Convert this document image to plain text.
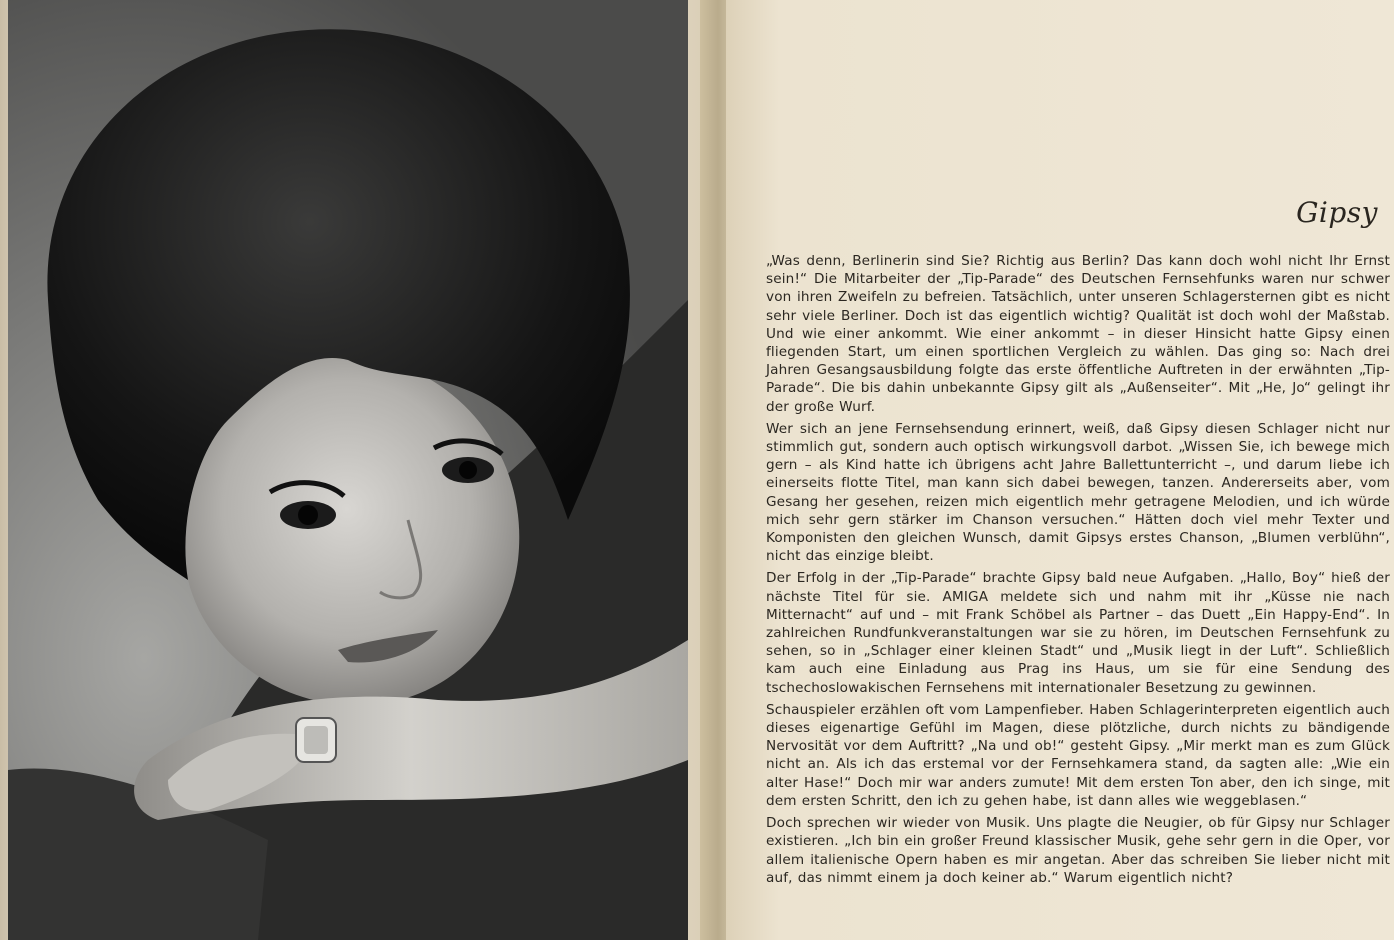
Gipsy

„Was denn, Berlinerin sind Sie? Richtig aus Berlin? Das kann doch wohl nicht Ihr Ernst sein!“ Die Mitarbeiter der „Tip-Parade“ des Deutschen Fernsehfunks waren nur schwer von ihren Zweifeln zu befreien. Tatsächlich, unter unseren Schlagersternen gibt es nicht sehr viele Berliner. Doch ist das eigentlich wichtig? Qualität ist doch wohl der Maßstab. Und wie einer ankommt. Wie einer ankommt – in dieser Hinsicht hatte Gipsy einen fliegenden Start, um einen sportlichen Vergleich zu wählen. Das ging so: Nach drei Jahren Gesangsausbildung folgte das erste öffentliche Auftreten in der erwähnten „Tip-Parade“. Die bis dahin unbekannte Gipsy gilt als „Außenseiter“. Mit „He, Jo“ gelingt ihr der große Wurf.

Wer sich an jene Fernsehsendung erinnert, weiß, daß Gipsy diesen Schlager nicht nur stimmlich gut, sondern auch optisch wirkungsvoll darbot. „Wissen Sie, ich bewege mich gern – als Kind hatte ich übrigens acht Jahre Ballettunterricht –, und darum liebe ich einerseits flotte Titel, man kann sich dabei bewegen, tanzen. Andererseits aber, vom Gesang her gesehen, reizen mich eigentlich mehr getragene Melodien, und ich würde mich sehr gern stärker im Chanson versuchen.“ Hätten doch viel mehr Texter und Komponisten den gleichen Wunsch, damit Gipsys erstes Chanson, „Blumen verblühn“, nicht das einzige bleibt.

Der Erfolg in der „Tip-Parade“ brachte Gipsy bald neue Aufgaben. „Hallo, Boy“ hieß der nächste Titel für sie. AMIGA meldete sich und nahm mit ihr „Küsse nie nach Mitternacht“ auf und – mit Frank Schöbel als Partner – das Duett „Ein Happy-End“. In zahlreichen Rundfunkveranstaltungen war sie zu hören, im Deutschen Fernsehfunk zu sehen, so in „Schlager einer kleinen Stadt“ und „Musik liegt in der Luft“. Schließlich kam auch eine Einladung aus Prag ins Haus, um sie für eine Sendung des tschechoslowakischen Fernsehens mit internationaler Besetzung zu gewinnen.

Schauspieler erzählen oft vom Lampenfieber. Haben Schlagerinterpreten eigentlich auch dieses eigenartige Gefühl im Magen, diese plötzliche, durch nichts zu bändigende Nervosität vor dem Auftritt? „Na und ob!“ gesteht Gipsy. „Mir merkt man es zum Glück nicht an. Als ich das erstemal vor der Fernsehkamera stand, da sagten alle: „Wie ein alter Hase!“ Doch mir war anders zumute! Mit dem ersten Ton aber, den ich singe, mit dem ersten Schritt, den ich zu gehen habe, ist dann alles wie weggeblasen.“

Doch sprechen wir wieder von Musik. Uns plagte die Neugier, ob für Gipsy nur Schlager existieren. „Ich bin ein großer Freund klassischer Musik, gehe sehr gern in die Oper, vor allem italienische Opern haben es mir angetan. Aber das schreiben Sie lieber nicht mit auf, das nimmt einem ja doch keiner ab.“ Warum eigentlich nicht?
